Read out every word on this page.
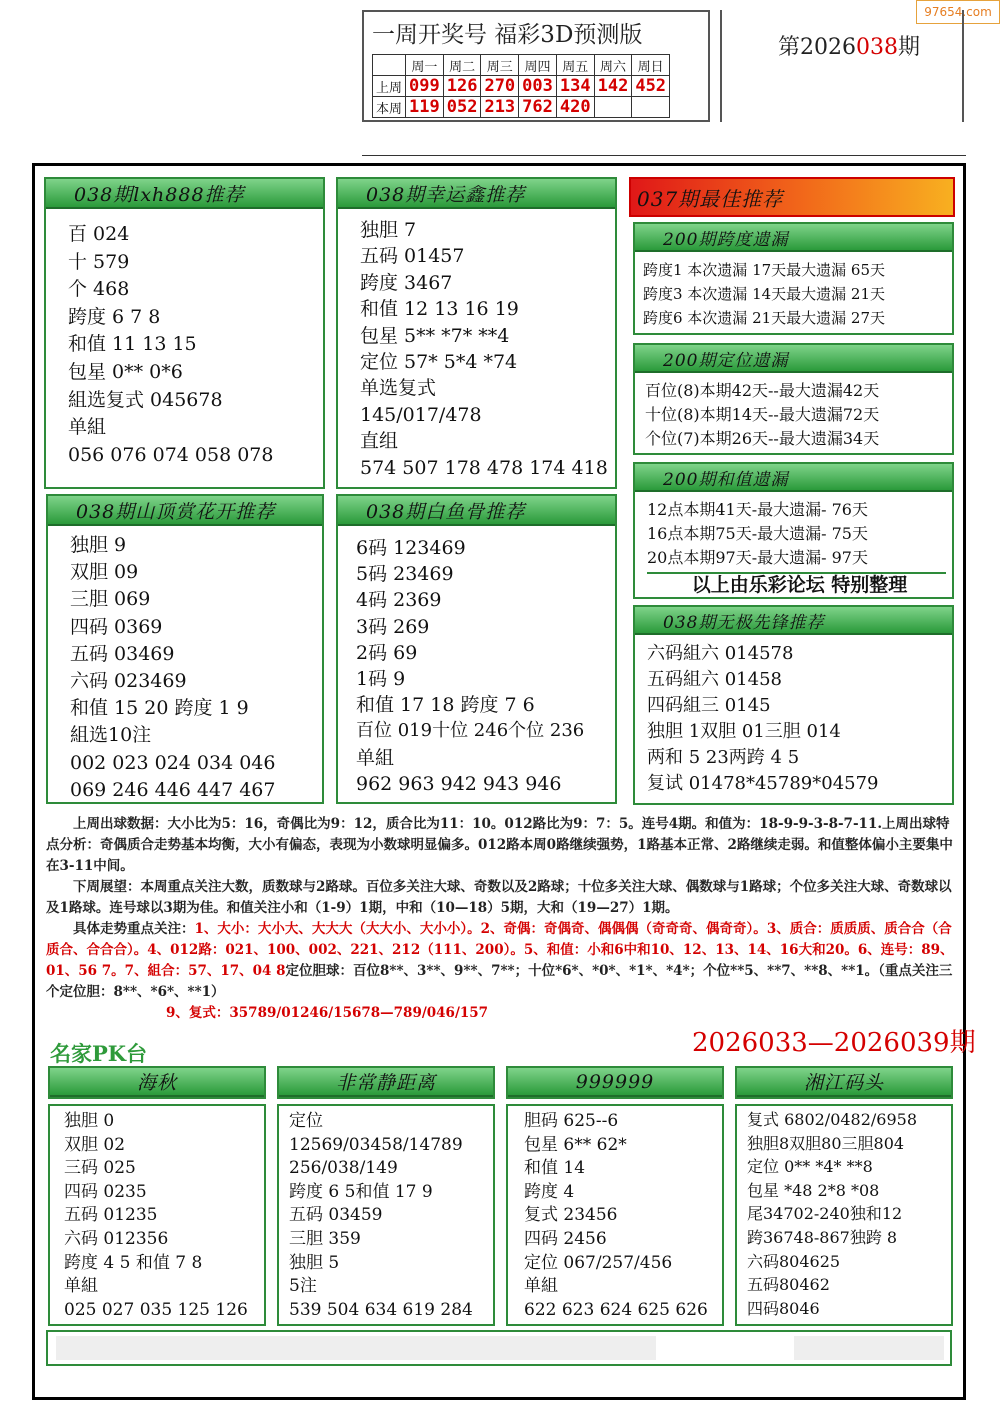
97654.com
一周开奖号 福彩3D预测版
	周一	周二	周三	周四	周五	周六	周日
上周	099	126	270	003	134	142	452
本周	119	052	213	762	420		
第2026038期
038期lxh888推荐
百 024
十 579
个 468
跨度 6 7 8
和值 11 13 15
包星 0** 0*6
組选复式 045678
单組
056 076 074 058 078
038期幸运鑫推荐
独胆 7
五码 01457
跨度 3467
和值 12 13 16 19
包星 5** *7* **4
定位 57* 5*4 *74
单选复式
145/017/478
直组
574 507 178 478 174 418
037期最佳推荐
200期跨度遗漏
跨度1 本次遗漏 17天最大遗漏 65天
跨度3 本次遗漏 14天最大遗漏 21天
跨度6 本次遗漏 21天最大遗漏 27天
200期定位遗漏
百位(8)本期42天--最大遗漏42天
十位(8)本期14天--最大遗漏72天
个位(7)本期26天--最大遗漏34天
200期和值遗漏
12点本期41天-最大遗漏- 76天
16点本期75天-最大遗漏- 75天
20点本期97天-最大遗漏- 97天
以上由乐彩论坛 特别整理
038期无极先锋推荐
六码組六 014578
五码組六 01458
四码組三 0145
独胆 1双胆 01三胆 014
两和 5 23两跨 4 5
复试 01478*45789*04579
038期山顶赏花开推荐
独胆 9
双胆 09
三胆 069
四码 0369
五码 03469
六码 023469
和值 15 20 跨度 1 9
組选10注
002 023 024 034 046
069 246 446 447 467
038期白鱼骨推荐
6码 123469
5码 23469
4码 2369
3码 269
2码 69
1码 9
和值 17 18 跨度 7 6
百位 019十位 246个位 236
单組
962 963 942 943 946

上周出球数据：大小比为5：16，奇偶比为9：12，质合比为11：10。012路比为9：7：5。连号4期。和值为：18-9-9-3-8-7-11.上周出球特点分析：奇偶质合走势基本均衡，大小有偏态，表现为小数球明显偏多。012路本周0路继续强势，1路基本正常、2路继续走弱。和值整体偏小主要集中在3-11中间。

下周展望：本周重点关注大数，质数球与2路球。百位多关注大球、奇数以及2路球；十位多关注大球、偶数球与1路球；个位多关注大球、奇数球以及1路球。连号球以3期为佳。和值关注小和（1-9）1期，中和（10—18）5期，大和（19—27）1期。

具体走势重点关注：1、大小：大小大、大大大（大大小、大小小）。2、奇偶：奇偶奇、偶偶偶（奇奇奇、偶奇奇）。3、质合：质质质、质合合（合质合、合合合）。4、012路：021、100、002、221、212（111、200）。5、和值：小和6中和10、12、13、14、16大和20。6、连号：89、01、56 7。7、組合：57、17、04 8定位胆球：百位8**、3**、9**、7**；十位*6*、*0*、*1*、*4*；个位**5、**7、**8、**1。（重点关注三个定位胆：8**、*6*、**1）

9、复式：35789/01246/15678—789/046/157

名家PK台	2026033—2026039期
海秋	非常静距离	999999	湘江码头
独胆 0
双胆 02
三码 025
四码 0235
五码 01235
六码 012356
跨度 4 5 和值 7 8
单組
025 027 035 125 126
定位
12569/03458/14789
256/038/149
跨度 6 5和值 17 9
五码 03459
三胆 359
独胆 5
5注
539 504 634 619 284
胆码 625--6
包星 6** 62*
和值 14
跨度 4
复式 23456
四码 2456
定位 067/257/456
单組
622 623 624 625 626
复式 6802/0482/6958
独胆8双胆80三胆804
定位 0** *4* **8
包星 *48 2*8 *08
尾34702-240独和12
跨36748-867独跨 8
六码804625
五码80462
四码8046
